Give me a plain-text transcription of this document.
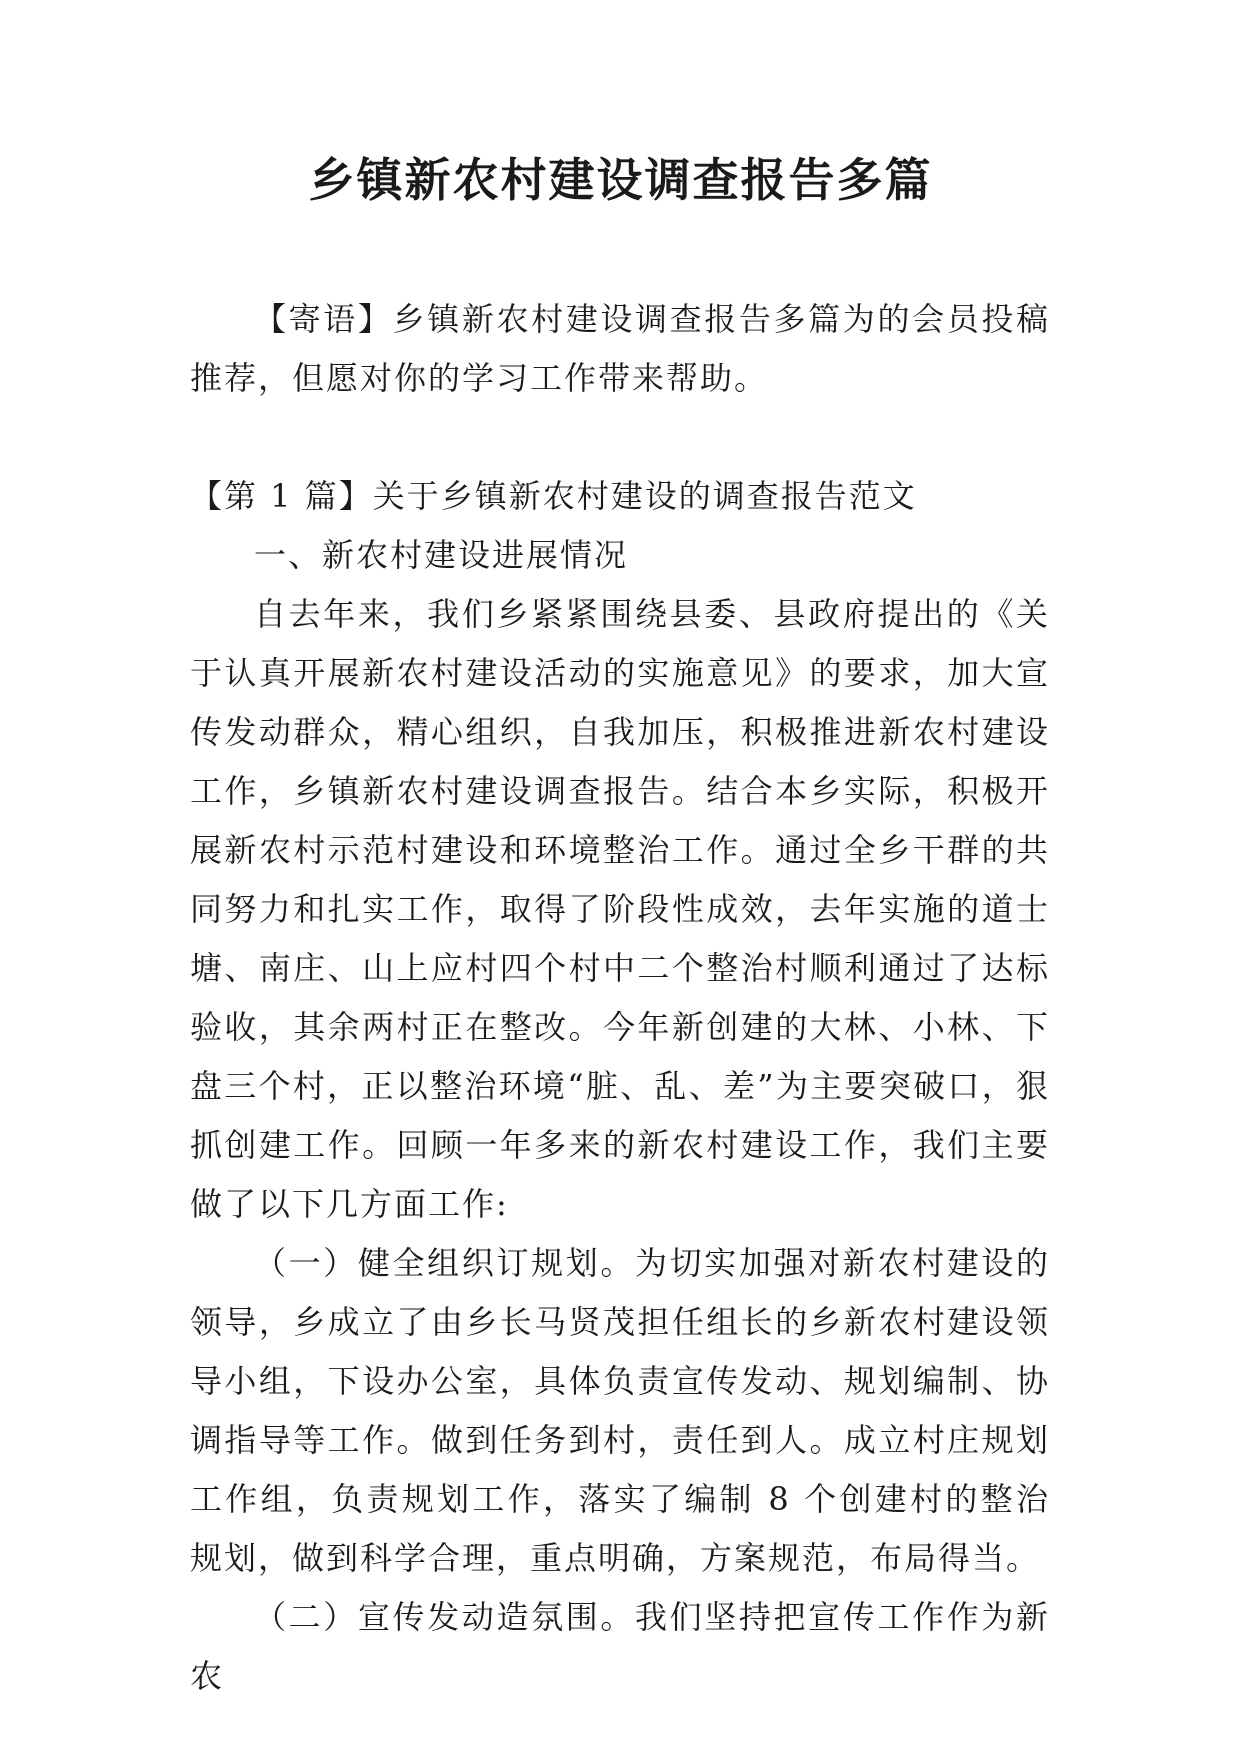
乡镇新农村建设调查报告多篇

【寄语】乡镇新农村建设调查报告多篇为的会员投稿推荐，但愿对你的学习工作带来帮助。

【第 1 篇】关于乡镇新农村建设的调查报告范文

一、新农村建设进展情况

自去年来，我们乡紧紧围绕县委、县政府提出的《关于认真开展新农村建设活动的实施意见》的要求，加大宣传发动群众，精心组织，自我加压，积极推进新农村建设工作，乡镇新农村建设调查报告。结合本乡实际，积极开展新农村示范村建设和环境整治工作。通过全乡干群的共同努力和扎实工作，取得了阶段性成效，去年实施的道士塘、南庄、山上应村四个村中二个整治村顺利通过了达标验收，其余两村正在整改。今年新创建的大林、小林、下盘三个村，正以整治环境“脏、乱、差”为主要突破口，狠抓创建工作。回顾一年多来的新农村建设工作，我们主要做了以下几方面工作:

（一）健全组织订规划。为切实加强对新农村建设的领导，乡成立了由乡长马贤茂担任组长的乡新农村建设领导小组，下设办公室，具体负责宣传发动、规划编制、协调指导等工作。做到任务到村，责任到人。成立村庄规划工作组，负责规划工作，落实了编制 8 个创建村的整治规划，做到科学合理，重点明确，方案规范，布局得当。

（二）宣传发动造氛围。我们坚持把宣传工作作为新农
